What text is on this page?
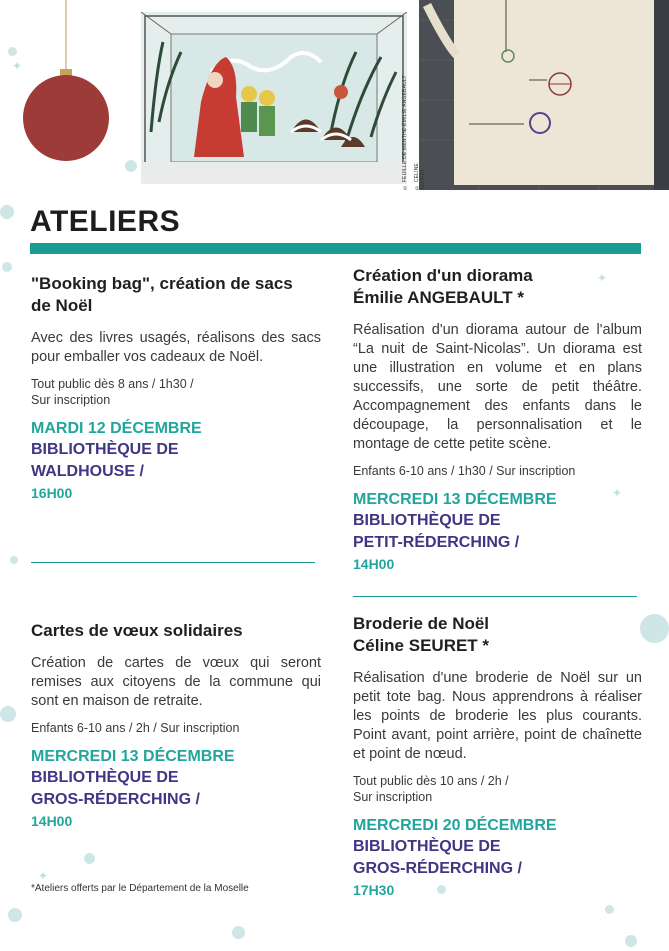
✦
✦
✦
✦
© FEUILLE DE MENTHE-ÉMILIE ANGEBAULT	© CÉLINE SEURET
ATELIERS
"Booking bag", création de sacs
de Noël

Avec des livres usagés, réalisons des sacs pour emballer vos cadeaux de Noël.

Tout public dès 8 ans / 1h30 /
Sur inscription

MARDI 12 DÉCEMBRE

BIBLIOTHÈQUE DE

WALDHOUSE /

16H00

Cartes de vœux solidaires

Création de cartes de vœux qui seront remises aux citoyens de la commune qui sont en maison de retraite.

Enfants 6-10 ans / 2h / Sur inscription

MERCREDI 13 DÉCEMBRE

BIBLIOTHÈQUE DE

GROS-RÉDERCHING /

14H00

Création d'un diorama
Émilie ANGEBAULT *

Réalisation d'un diorama autour de l'album “La nuit de Saint-Nicolas”. Un diorama est une illustration en volume et en plans successifs, une sorte de petit théâtre. Accompagnement des enfants dans le découpage, la personnalisation et le montage de cette petite scène.

Enfants 6-10 ans / 1h30 / Sur inscription

MERCREDI 13 DÉCEMBRE

BIBLIOTHÈQUE DE

PETIT-RÉDERCHING /

14H00

Broderie de Noël
Céline SEURET *

Réalisation d'une broderie de Noël sur un petit tote bag. Nous apprendrons à réaliser les points de broderie les plus courants. Point avant, point arrière, point de chaînette et point de nœud.

Tout public dès 10 ans / 2h /
Sur inscription

MERCREDI 20 DÉCEMBRE

BIBLIOTHÈQUE DE

GROS-RÉDERCHING /

17H30

*Ateliers offerts par le Département de la Moselle
